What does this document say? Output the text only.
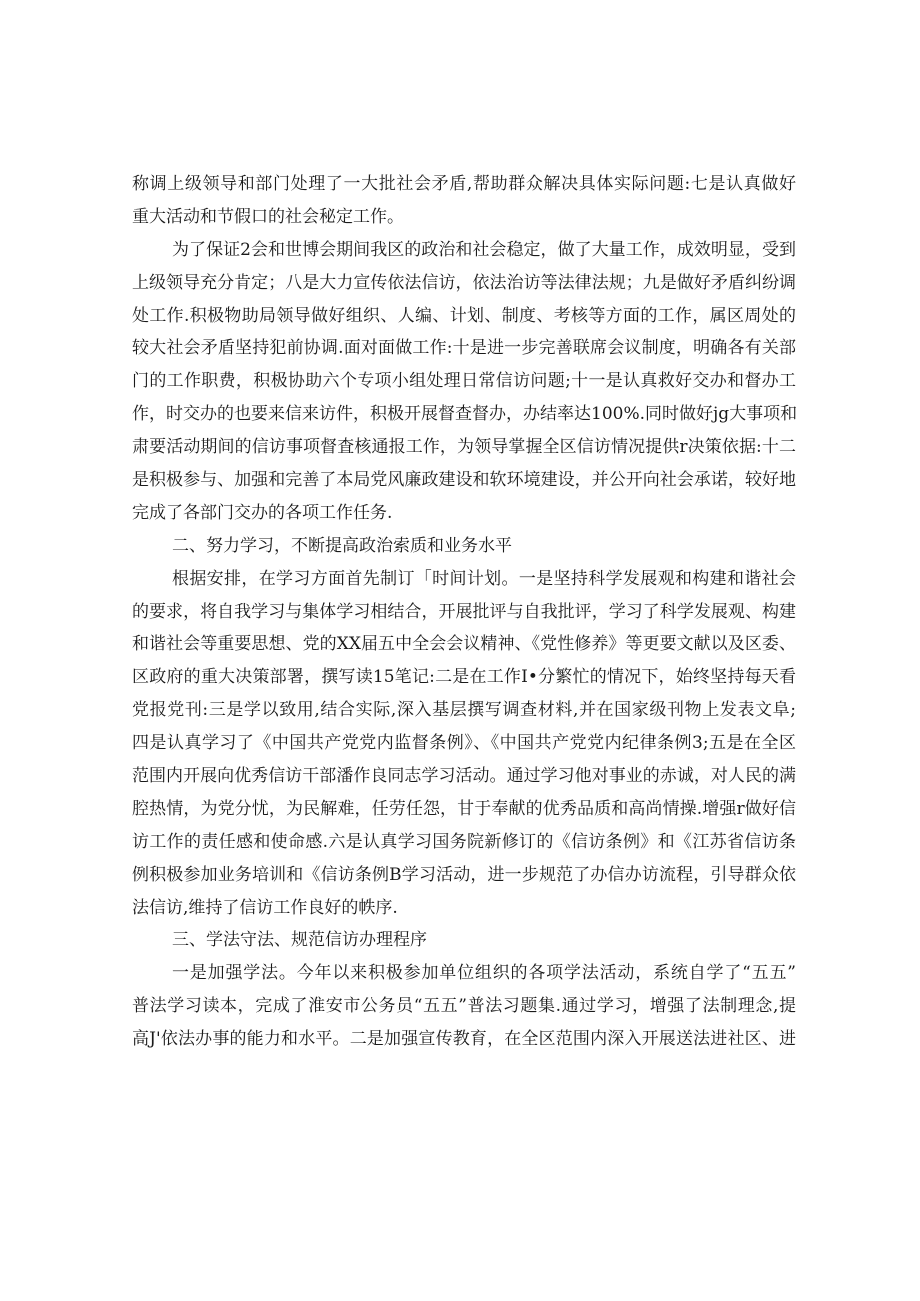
称调上级领导和部门处理了一大批社会矛盾,帮助群众解决具体实际问题:七是认真做好
重大活动和节假口的社会秘定工作。
为了保证2会和世博会期间我区的政治和社会稳定，做了大量工作，成效明显，受到
上级领导充分肯定；八是大力宣传依法信访，依法治访等法律法规；九是做好矛盾纠纷调
处工作.积极物助局领导做好组织、人编、计划、制度、考核等方面的工作，属区周处的
较大社会矛盾坚持犯前协调.面对面做工作:十是进一步完善联席会议制度，明确各有关部
门的工作职费，积极协助六个专项小组处理日常信访问题;十一是认真救好交办和督办工
作，时交办的也要来信来访件，积极开展督查督办，办结率达100%.同时做好jg大事项和
肃要活动期间的信访事项督査核通报工作，为领导掌握全区信访情况提供r决策依据:十二
是积极参与、加强和完善了本局党风廉政建设和软环境建设，并公开向社会承诺，较好地
完成了各部门交办的各项工作任务.
二、努力学习，不断提高政治索质和业务水平
根据安排，在学习方面首先制订「时间计划。一是坚持科学发展观和构建和谐社会
的要求，将自我学习与集体学习相结合，开展批评与自我批评，学习了科学发展观、构建
和谐社会等重要思想、党的XX届五中全会会议精神、《党性修养》等更要文献以及区委、
区政府的重大决策部署，撰写读15笔记:二是在工作I•分繁忙的情况下，始终坚持每天看
党报党刊:三是学以致用,结合实际,深入基层撰写调查材料,并在国家级刊物上发表文阜;
四是认真学习了《中国共产党党内监督条例》、《中国共产党党内纪律条例3;五是在全区
范围内开展向优秀信访干部潘作良同志学习活动。通过学习他对事业的赤诚，对人民的满
腔热情，为党分忧，为民解难，任劳任怨，甘于奉献的优秀品质和高尚情操.增强r做好信
访工作的责任感和使命感.六是认真学习国务院新修订的《信访条例》和《江苏省信访条
例积极参加业务培训和《信访条例B学习活动，进一步规范了办信办访流程，引导群众依
法信访,维持了信访工作良好的帙序.
三、学法守法、规范信访办理程序
一是加强学法。今年以来积极参加单位组织的各项学法活动，系统自学了“五五”
普法学习读本，完成了淮安市公务员“五五”普法习题集.通过学习，增强了法制理念,提
高J'依法办事的能力和水平。二是加强宣传教育，在全区范围内深入开展送法进社区、进
